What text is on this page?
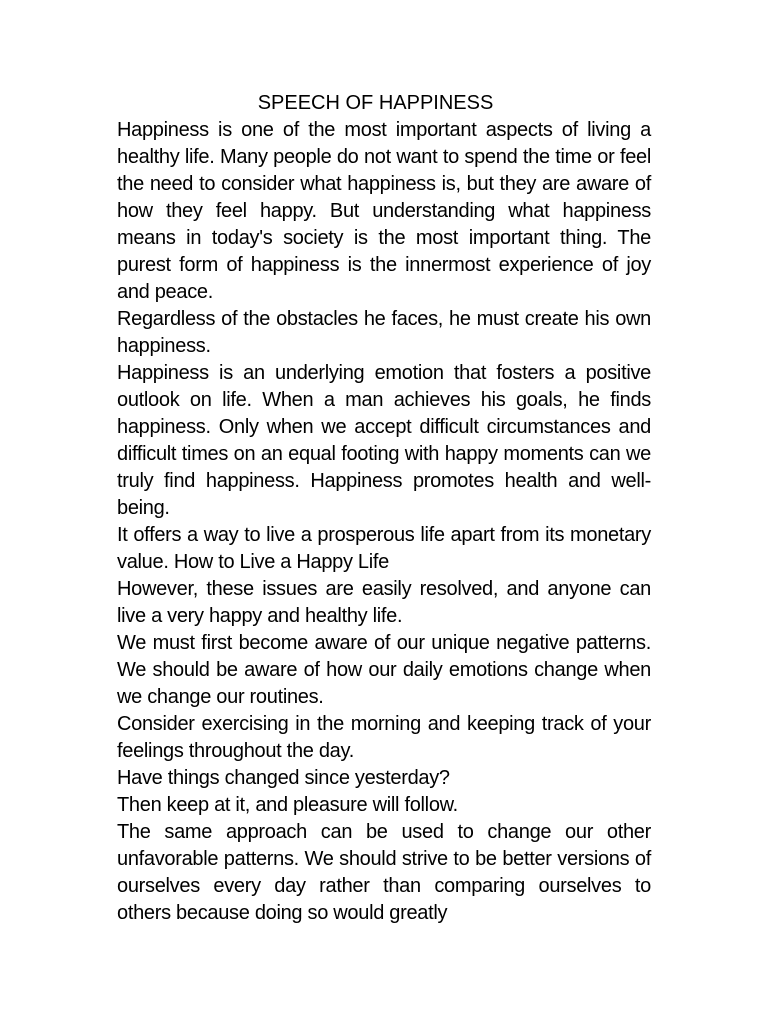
SPEECH OF HAPPINESS

Happiness is one of the most important aspects of living a healthy life. Many people do not want to spend the time or feel the need to consider what happiness is, but they are aware of how they feel happy. But understanding what happiness means in today's society is the most important thing. The purest form of happiness is the innermost experience of joy and peace.

Regardless of the obstacles he faces, he must create his own happiness.

Happiness is an underlying emotion that fosters a positive outlook on life. When a man achieves his goals, he finds happiness. Only when we accept difficult circumstances and difficult times on an equal footing with happy moments can we truly find happiness. Happiness promotes health and well-being.

It offers a way to live a prosperous life apart from its monetary value. How to Live a Happy Life

However, these issues are easily resolved, and anyone can live a very happy and healthy life.

We must first become aware of our unique negative patterns. We should be aware of how our daily emotions change when we change our routines.

Consider exercising in the morning and keeping track of your feelings throughout the day.

Have things changed since yesterday?

Then keep at it, and pleasure will follow.

The same approach can be used to change our other unfavorable patterns. We should strive to be better versions of ourselves every day rather than comparing ourselves to others because doing so would greatly
